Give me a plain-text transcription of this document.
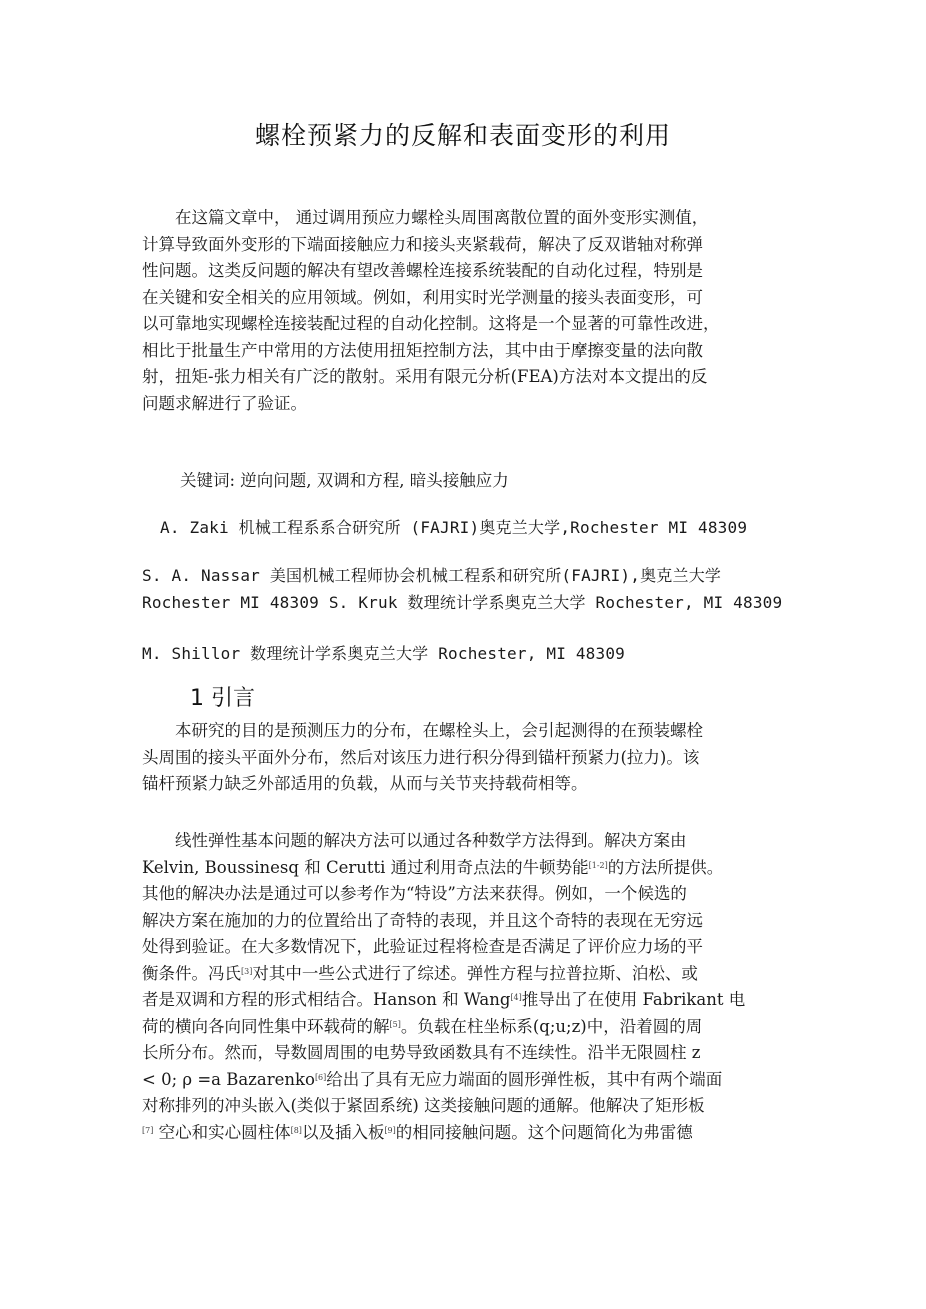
螺栓预紧力的反解和表面变形的利用

　　在这篇文章中， 通过调用预应力螺栓头周围离散位置的面外变形实测值，

计算导致面外变形的下端面接触应力和接头夹紧载荷，解决了反双谐轴对称弹

性问题。这类反问题的解决有望改善螺栓连接系统装配的自动化过程，特别是

在关键和安全相关的应用领域。例如，利用实时光学测量的接头表面变形，可

以可靠地实现螺栓连接装配过程的自动化控制。这将是一个显著的可靠性改进，

相比于批量生产中常用的方法使用扭矩控制方法，其中由于摩擦变量的法向散

射，扭矩-张力相关有广泛的散射。采用有限元分析(FEA)方法对本文提出的反

问题求解进行了验证。

关键词: 逆向问题, 双调和方程, 暗头接触应力

A. Zaki 机械工程系系合研究所 (FAJRI)奥克兰大学,Rochester MI 48309

S. A. Nassar 美国机械工程师协会机械工程系和研究所(FAJRI),奥克兰大学

Rochester MI 48309 S. Kruk 数理统计学系奥克兰大学 Rochester, MI 48309

M. Shillor 数理统计学系奥克兰大学 Rochester, MI 48309

1 引言

　　本研究的目的是预测压力的分布，在螺栓头上，会引起测得的在预装螺栓

头周围的接头平面外分布，然后对该压力进行积分得到锚杆预紧力(拉力)。该

锚杆预紧力缺乏外部适用的负载，从而与关节夹持载荷相等。

　　线性弹性基本问题的解决方法可以通过各种数学方法得到。解决方案由

Kelvin, Boussinesq 和 Cerutti 通过利用奇点法的牛顿势能[1-2]的方法所提供。

其他的解决办法是通过可以参考作为“特设”方法来获得。例如，一个候选的

解决方案在施加的力的位置给出了奇特的表现，并且这个奇特的表现在无穷远

处得到验证。在大多数情况下，此验证过程将检查是否满足了评价应力场的平

衡条件。冯氏[3]对其中一些公式进行了综述。弹性方程与拉普拉斯、泊松、或

者是双调和方程的形式相结合。Hanson 和 Wang[4]推导出了在使用 Fabrikant 电

荷的横向各向同性集中环载荷的解[5]。负载在柱坐标系(q;u;z)中，沿着圆的周

长所分布。然而，导数圆周围的电势导致函数具有不连续性。沿半无限圆柱 z

< 0; ρ =a Bazarenko[6]给出了具有无应力端面的圆形弹性板，其中有两个端面

对称排列的冲头嵌入(类似于紧固系统) 这类接触问题的通解。他解决了矩形板

[7] 空心和实心圆柱体[8]以及插入板[9]的相同接触问题。这个问题简化为弗雷德
